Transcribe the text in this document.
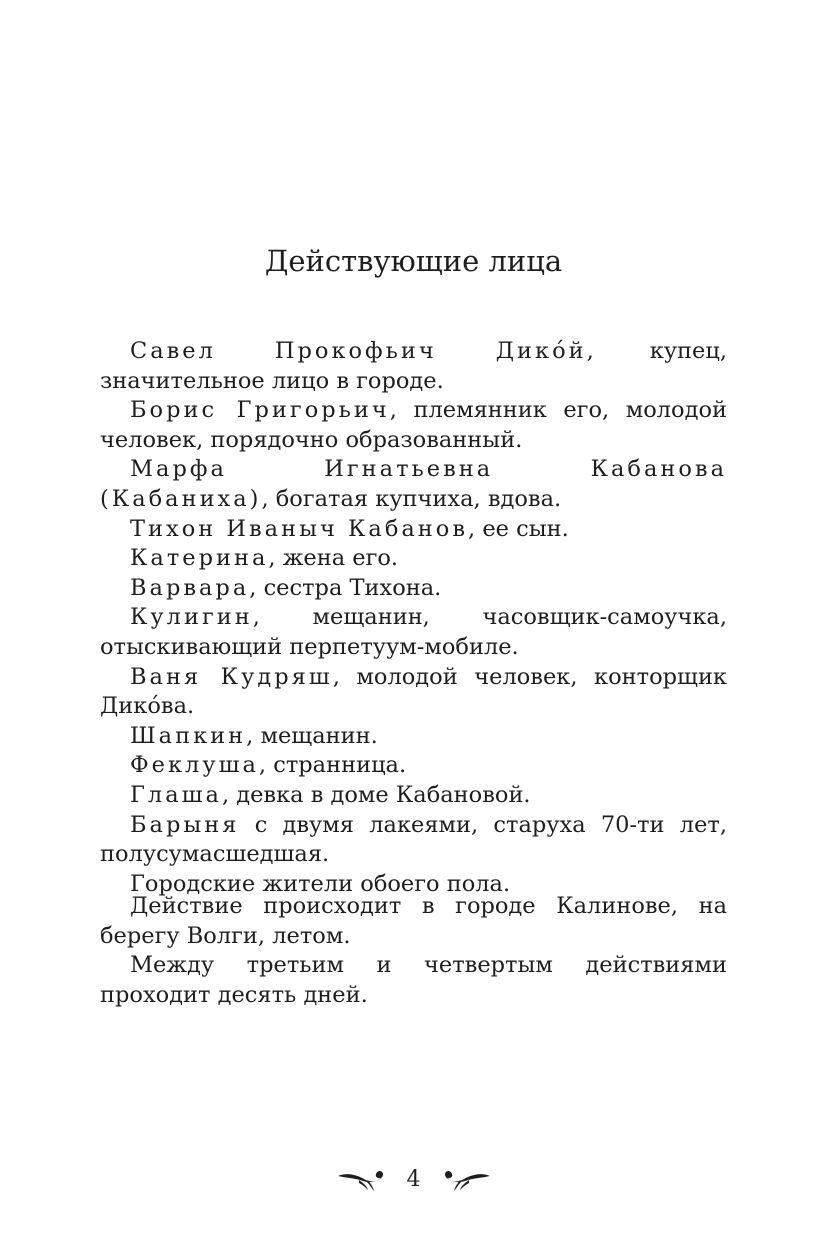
Действующие лица

Савел Прокофьич Дико́й, купец, значительное лицо в городе.

Борис Григорьич, племянник его, молодой человек, порядочно образованный.

Марфа Игнатьевна Кабанова (Кабаниха), богатая купчиха, вдова.

Тихон Иваныч Кабанов, ее сын.

Катерина, жена его.

Варвара, сестра Тихона.

Кулигин, мещанин, часовщик-самоучка, отыскивающий перпетуум-мобиле.

Ваня Кудряш, молодой человек, конторщик Дико́ва.

Шапкин, мещанин.

Феклуша, странница.

Глаша, девка в доме Кабановой.

Барыня с двумя лакеями, старуха 70-ти лет, полусумасшедшая.

Городские жители обоего пола.

Действие происходит в городе Калинове, на берегу Волги, летом.

Между третьим и четвертым действиями проходит десять дней.

4
